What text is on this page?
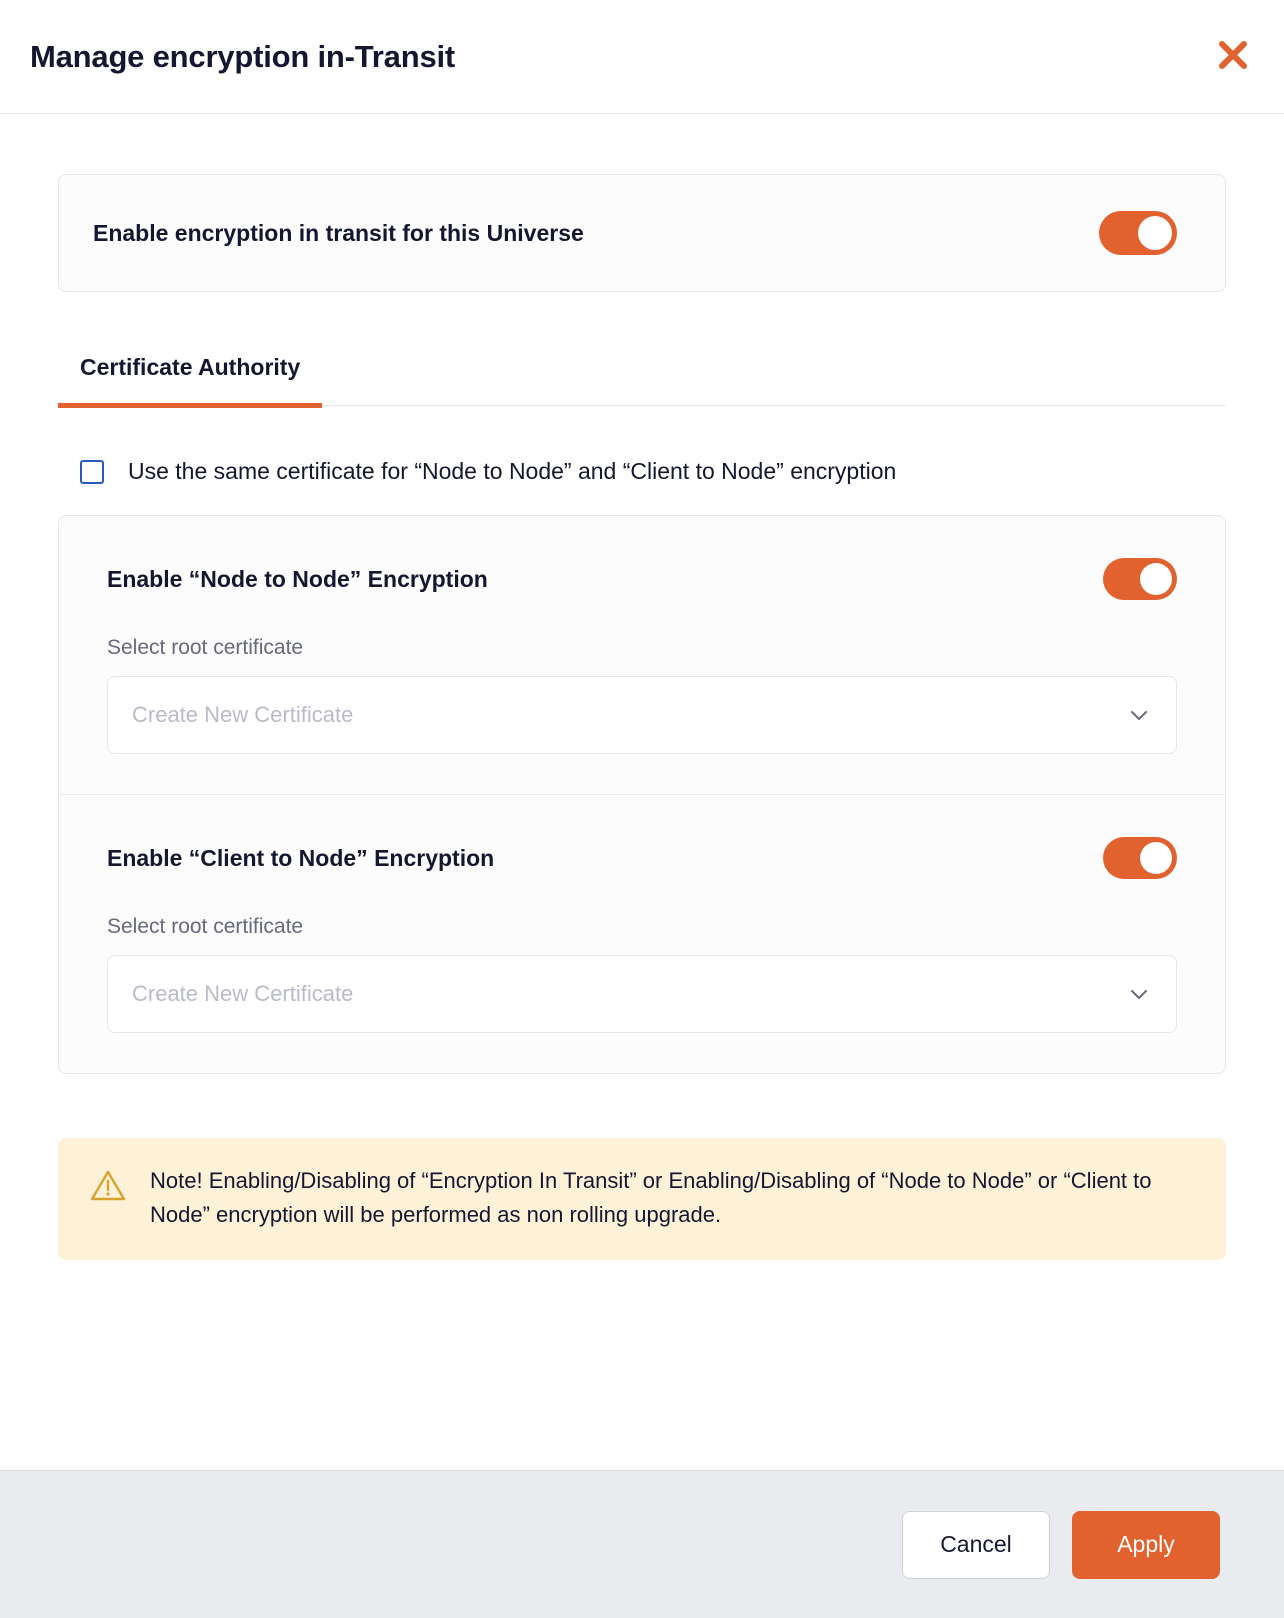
Manage encryption in-Transit
Enable encryption in transit for this Universe
Certificate Authority
Use the same certificate for “Node to Node” and “Client to Node” encryption
Enable “Node to Node” Encryption
Select root certificate
Create New Certificate
Enable “Client to Node” Encryption
Select root certificate
Create New Certificate
Note! Enabling/Disabling of “Encryption In Transit” or Enabling/Disabling of “Node to Node” or “Client to Node” encryption will be performed as non rolling upgrade.
Cancel	Apply
